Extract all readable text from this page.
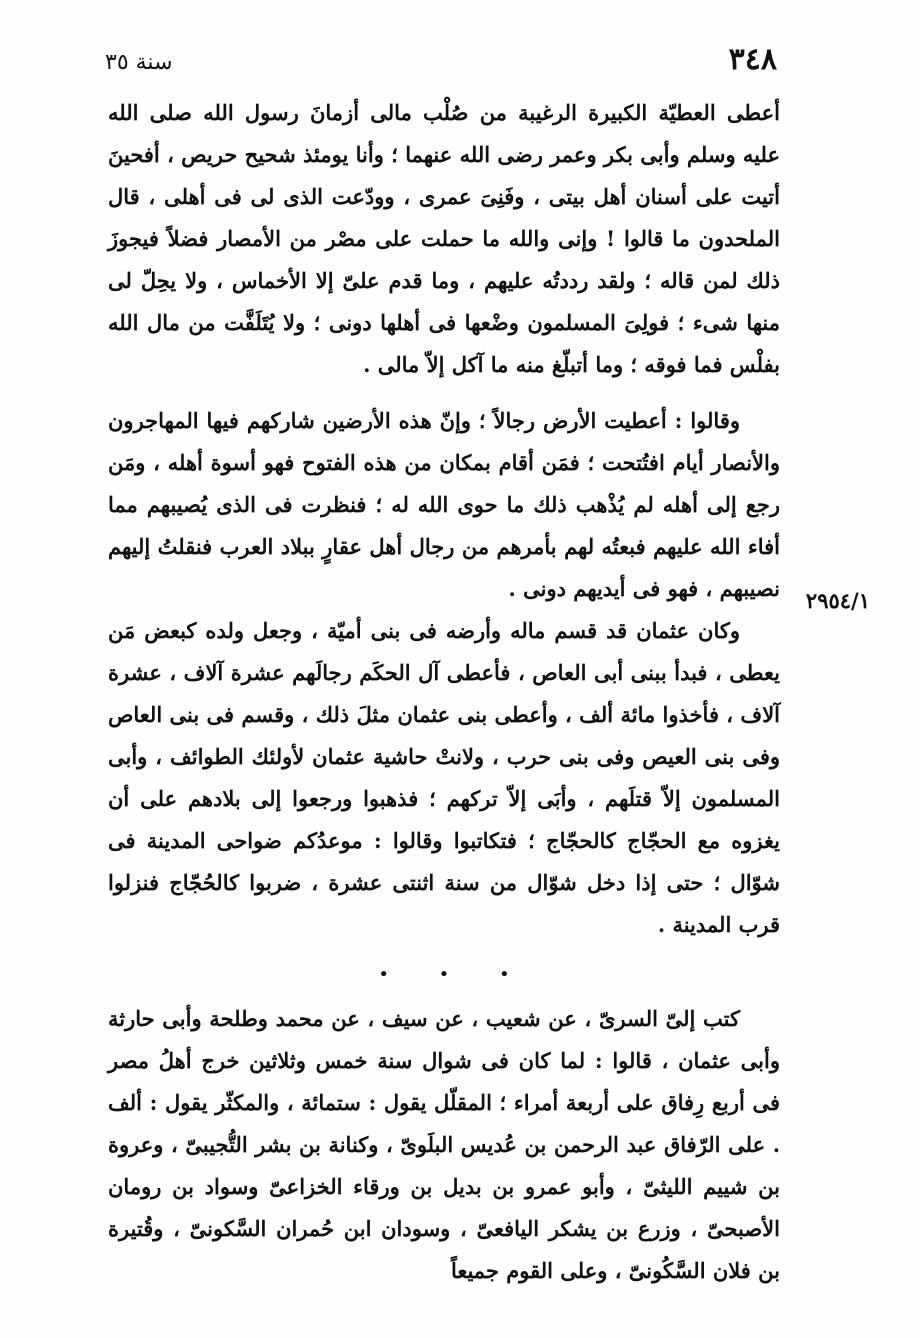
٣٤٨
سنة ٣٥
٢٩٥٤/١

أعطى العطيّة الكبيرة الرغيبة من صُلْب مالى أزمانَ رسول الله صلى الله عليه وسلم وأبى بكر وعمر رضى الله عنهما ؛ وأنا يومئذ شحيح حريص ، أفحينَ أتيت على أسنان أهل بيتى ، وفَنِىَ عمرى ، وودّعت الذى لى فى أهلى ، قال الملحدون ما قالوا ! وإنى والله ما حملت على مصْر من الأمصار فضلاً فيجوزَ ذلك لمن قاله ؛ ولقد رددتُه عليهم ، وما قدم علىّ إلا الأخماس ، ولا يحِلّ لى منها شىء ؛ فولِىَ المسلمون وضْعها فى أهلها دونى ؛ ولا يُتَلَفَّت من مال الله بفلْس فما فوقه ؛ وما أتبلّغ منه ما آكل إلاّ مالى .

وقالوا : أعطيت الأرض رجالاً ؛ وإنّ هذه الأرضين شاركهم فيها المهاجرون والأنصار أيام افتُتحت ؛ فمَن أقام بمكان من هذه الفتوح فهو أسوة أهله ، ومَن رجع إلى أهله لم يُذْهب ذلك ما حوى الله له ؛ فنظرت فى الذى يُصيبهم مما أفاء الله عليهم فبعتُه لهم بأمرهم من رجال أهل عقارٍ ببلاد العرب فنقلتُ إليهم نصيبهم ، فهو فى أيديهم دونى .

وكان عثمان قد قسم ماله وأرضه فى بنى أميّة ، وجعل ولده كبعض مَن يعطى ، فبدأ ببنى أبى العاص ، فأعطى آل الحكَم رجالَهم عشرة آلاف ، عشرة آلاف ، فأخذوا مائة ألف ، وأعطى بنى عثمان مثلَ ذلك ، وقسم فى بنى العاص وفى بنى العيص وفى بنى حرب ، ولانتْ حاشية عثمان لأولئك الطوائف ، وأبى المسلمون إلاّ قتلَهم ، وأبَى إلاّ تركهم ؛ فذهبوا ورجعوا إلى بلادهم على أن يغزوه مع الحجّاج كالحجّاج ؛ فتكاتبوا وقالوا : موعدُكم ضواحى المدينة فى شوّال ؛ حتى إذا دخل شوّال من سنة اثنتى عشرة ، ضربوا كالحُجّاج فنزلوا قرب المدينة .

• • •

كتب إلىّ السرىّ ، عن شعيب ، عن سيف ، عن محمد وطلحة وأبى حارثة وأبى عثمان ، قالوا : لما كان فى شوال سنة خمس وثلاثين خرج أهلُ مصر فى أربع رِفاق على أربعة أمراء ؛ المقلّل يقول : ستمائة ، والمكثّر يقول : ألف . على الرّفاق عبد الرحمن بن عُديس البلَوىّ ، وكنانة بن بشر التُّجيبىّ ، وعروة بن شييم الليثىّ ، وأبو عمرو بن بديل بن ورقاء الخزاعىّ وسواد بن رومان الأصبحىّ ، وزرع بن يشكر اليافعىّ ، وسودان ابن حُمران السَّكونىّ ، وقُتيرة بن فلان السَّكُونىّ ، وعلى القوم جميعاً
